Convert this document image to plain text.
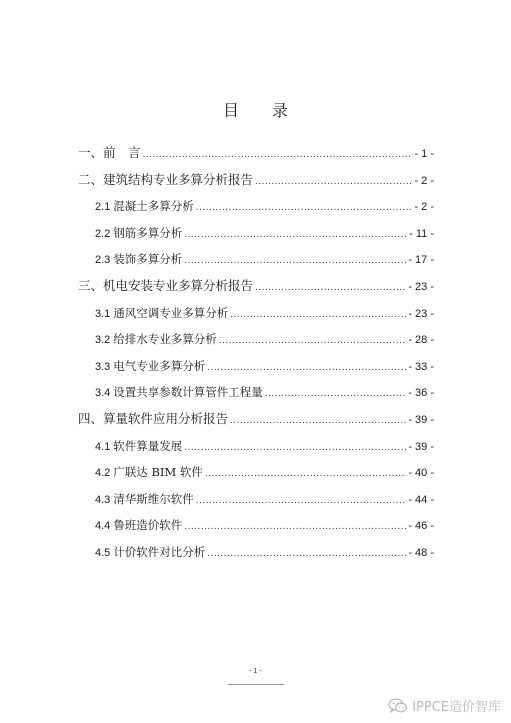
目 录
一、前　言 .....	- 1 -
二、建筑结构专业多算分析报告 .....	- 2 -
2.1 混凝土多算分析 .....	- 2 -
2.2 钢筋多算分析 .....	- 11 -
2.3 装饰多算分析 .....	- 17 -
三、机电安装专业多算分析报告 .....	- 23 -
3.1 通风空调专业多算分析 .....	- 23 -
3.2 给排水专业多算分析 .....	- 28 -
3.3 电气专业多算分析 .....	- 33 -
3.4 设置共享参数计算管件工程量 .....	- 36 -
四、算量软件应用分析报告 .....	- 39 -
4.1 软件算量发展 .....	- 39 -
4.2 广联达 BIM 软件 .....	- 40 -
4.3 清华斯维尔软件 .....	- 44 -
4.4 鲁班造价软件 .....	- 46 -
4.5 计价软件对比分析 .....	- 48 -
- 1 -
IPPCE造价智库
